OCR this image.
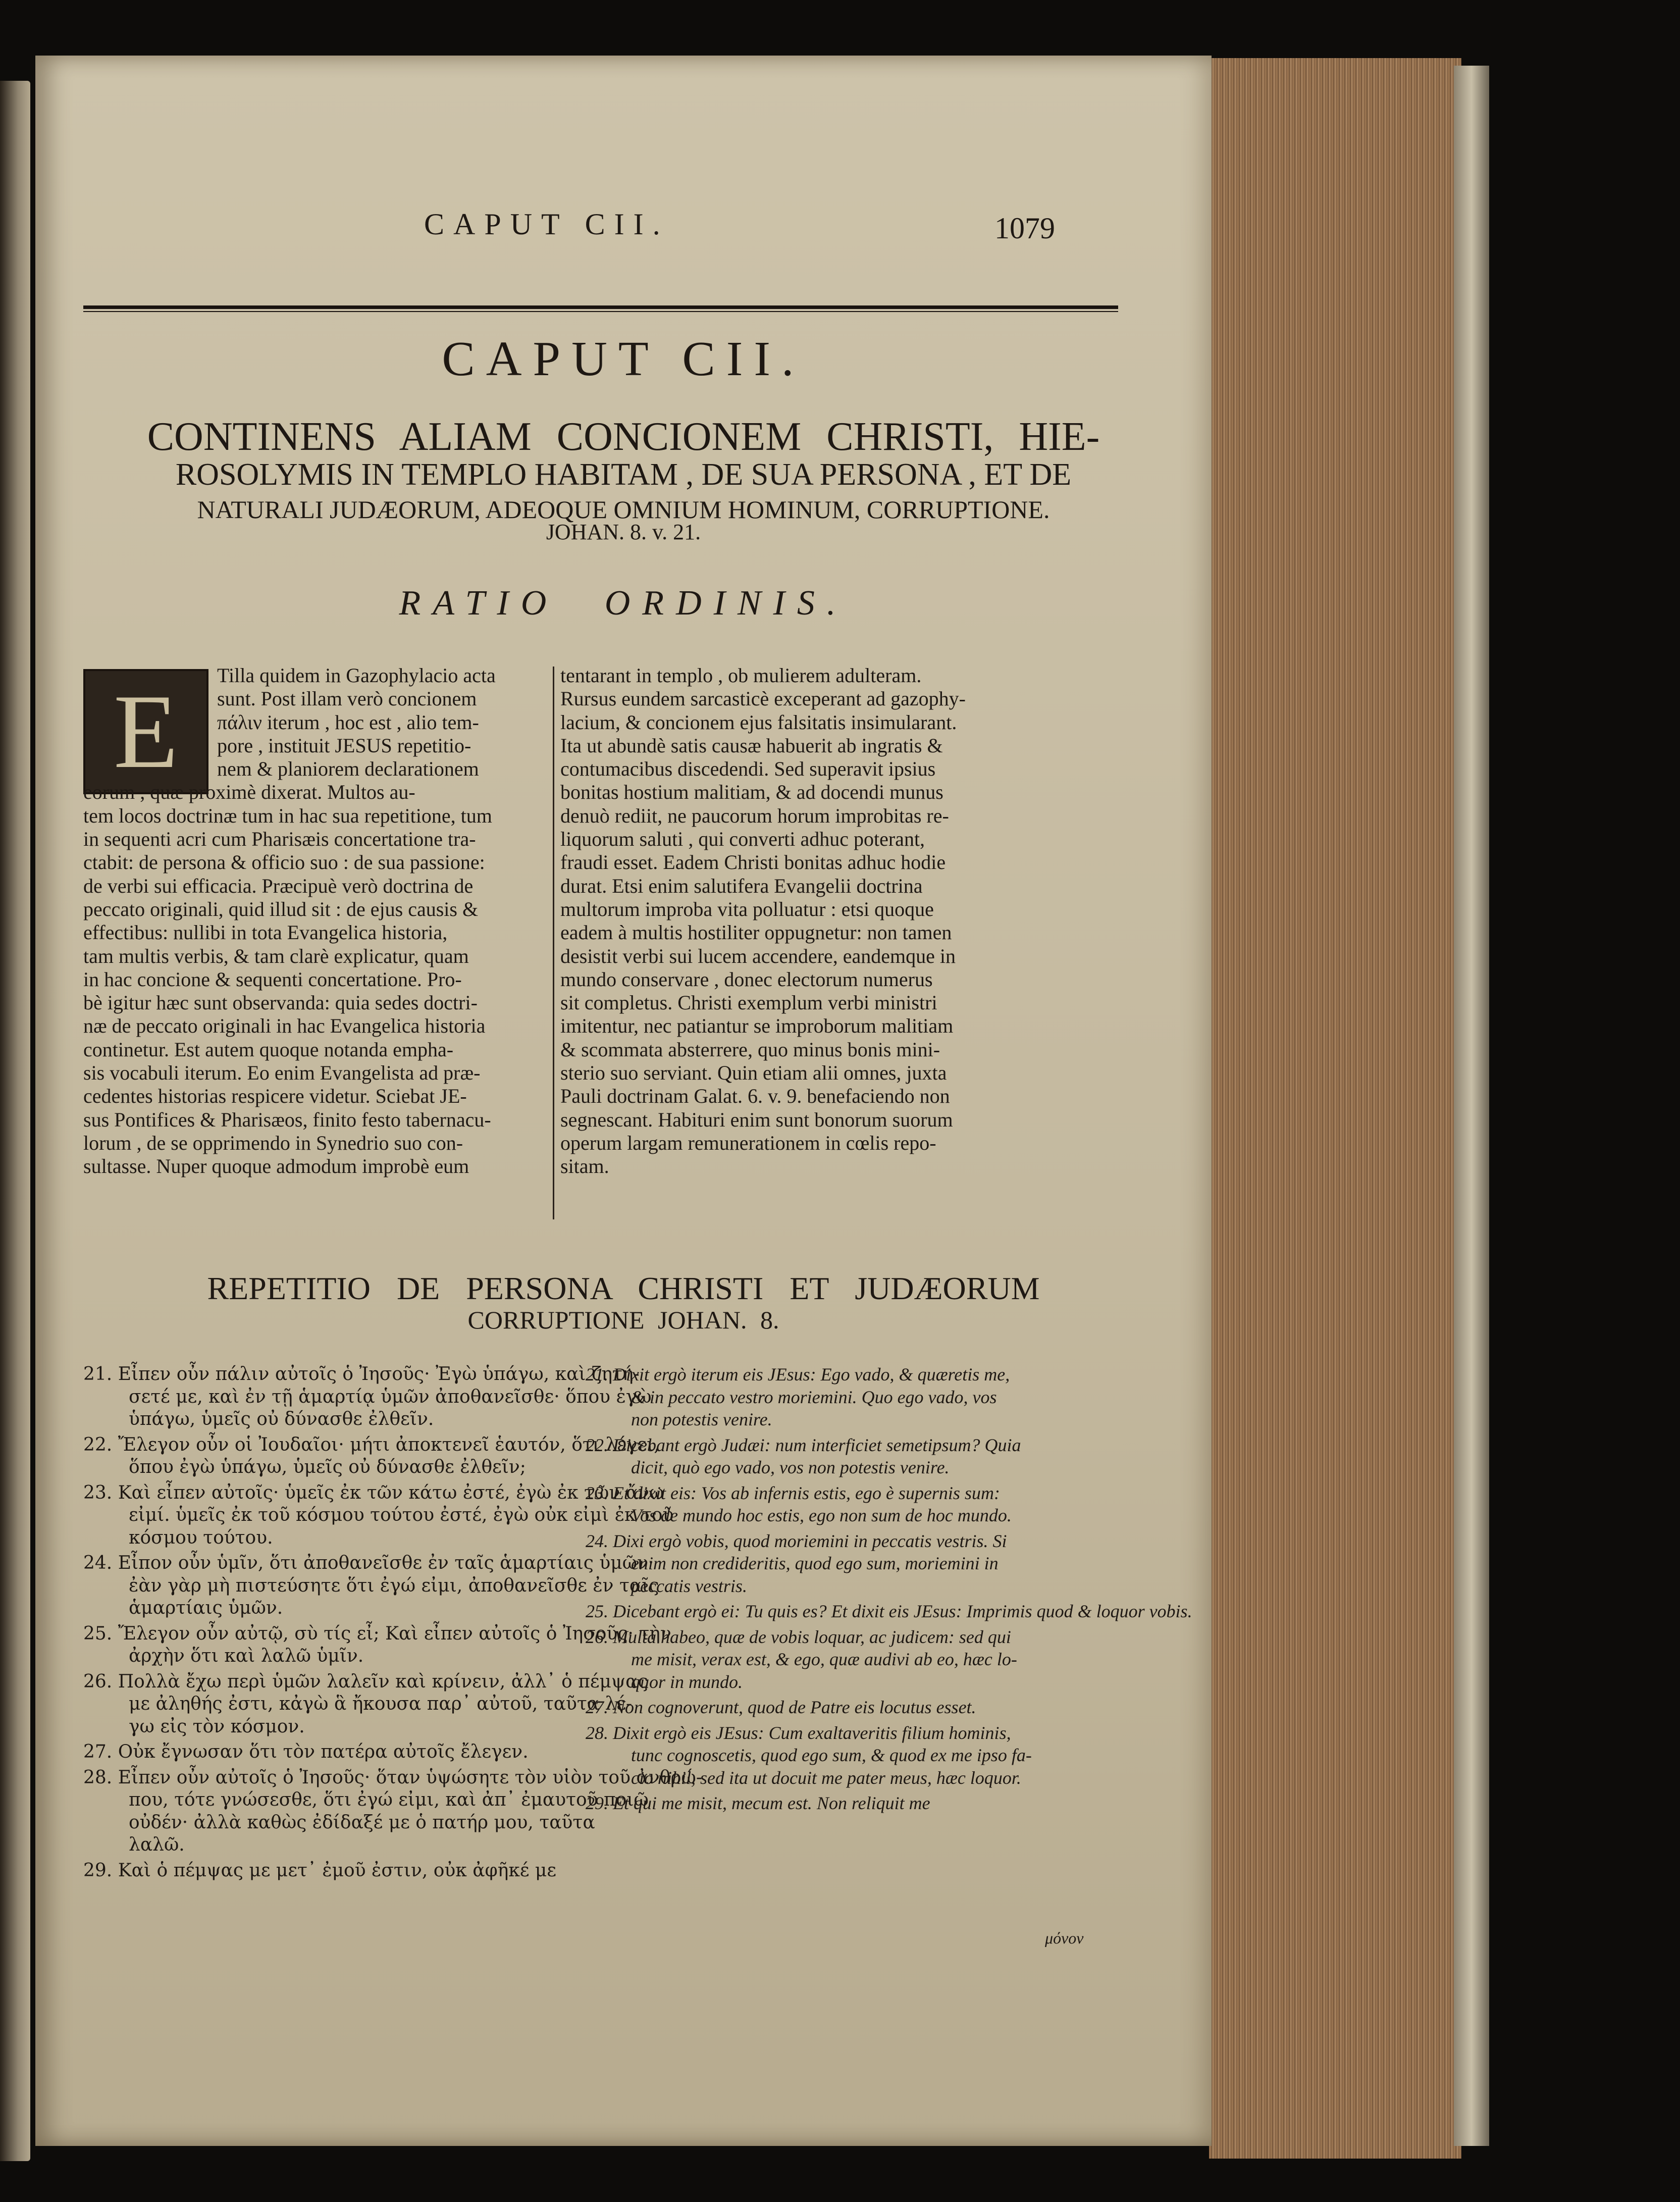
CAPUT CII.	1079
CAPUT CII.
CONTINENS ALIAM CONCIONEM CHRISTI, HIE-
ROSOLYMIS IN TEMPLO HABITAM , DE SUA PERSONA , ET DE
NATURALI JUDÆORUM, ADEOQUE OMNIUM HOMINUM, CORRUPTIONE.
JOHAN. 8. v. 21.
RATIO ORDINIS.
E	Tilla quidem in Gazophylacio acta
sunt. Post illam verò concionem
πάλιν iterum , hoc est , alio tem-
pore , instituit JESUS repetitio-
nem & planiorem declarationem
eorum , quæ proximè dixerat. Multos au-
tem locos doctrinæ tum in hac sua repetitione, tum
in sequenti acri cum Pharisæis concertatione tra-
ctabit: de persona & officio suo : de sua passione:
de verbi sui efficacia. Præcipuè verò doctrina de
peccato originali, quid illud sit : de ejus causis &
effectibus: nullibi in tota Evangelica historia,
tam multis verbis, & tam clarè explicatur, quam
in hac concione & sequenti concertatione. Pro-
bè igitur hæc sunt observanda: quia sedes doctri-
næ de peccato originali in hac Evangelica historia
continetur. Est autem quoque notanda empha-
sis vocabuli iterum. Eo enim Evangelista ad præ-
cedentes historias respicere videtur. Sciebat JE-
sus Pontifices & Pharisæos, finito festo tabernacu-
lorum , de se opprimendo in Synedrio suo con-
sultasse. Nuper quoque admodum improbè eum
tentarant in templo , ob mulierem adulteram.
Rursus eundem sarcasticè exceperant ad gazophy-
lacium, & concionem ejus falsitatis insimularant.
Ita ut abundè satis causæ habuerit ab ingratis &
contumacibus discedendi. Sed superavit ipsius
bonitas hostium malitiam, & ad docendi munus
denuò rediit, ne paucorum horum improbitas re-
liquorum saluti , qui converti adhuc poterant,
fraudi esset. Eadem Christi bonitas adhuc hodie
durat. Etsi enim salutifera Evangelii doctrina
multorum improba vita polluatur : etsi quoque
eadem à multis hostiliter oppugnetur: non tamen
desistit verbi sui lucem accendere, eandemque in
mundo conservare , donec electorum numerus
sit completus. Christi exemplum verbi ministri
imitentur, nec patiantur se improborum malitiam
& scommata absterrere, quo minus bonis mini-
sterio suo serviant. Quin etiam alii omnes, juxta
Pauli doctrinam Galat. 6. v. 9. benefaciendo non
segnescant. Habituri enim sunt bonorum suorum
operum largam remunerationem in cœlis repo-
sitam.
REPETITIO DE PERSONA CHRISTI ET JUDÆORUM
CORRUPTIONE JOHAN. 8.
21. Εἶπεν οὖν πάλιν αὐτοῖς ὁ Ἰησοῦς· Ἐγὼ ὑπάγω, καὶ ζητή-
σετέ με, καὶ ἐν τῇ ἁμαρτίᾳ ὑμῶν ἀποθανεῖσθε· ὅπου ἐγὼ
ὑπάγω, ὑμεῖς οὐ δύνασθε ἐλθεῖν.
22. Ἔλεγον οὖν οἱ Ἰουδαῖοι· μήτι ἀποκτενεῖ ἑαυτόν, ὅτι λέγει,
ὅπου ἐγὼ ὑπάγω, ὑμεῖς οὐ δύνασθε ἐλθεῖν;
23. Καὶ εἶπεν αὐτοῖς· ὑμεῖς ἐκ τῶν κάτω ἐστέ, ἐγὼ ἐκ τῶν ἄνω
εἰμί. ὑμεῖς ἐκ τοῦ κόσμου τούτου ἐστέ, ἐγὼ οὐκ εἰμὶ ἐκ τοῦ
κόσμου τούτου.
24. Εἶπον οὖν ὑμῖν, ὅτι ἀποθανεῖσθε ἐν ταῖς ἁμαρτίαις ὑμῶν·
ἐὰν γὰρ μὴ πιστεύσητε ὅτι ἐγώ εἰμι, ἀποθανεῖσθε ἐν ταῖς
ἁμαρτίαις ὑμῶν.
25. Ἔλεγον οὖν αὐτῷ, σὺ τίς εἶ; Καὶ εἶπεν αὐτοῖς ὁ Ἰησοῦς· τὴν
ἀρχὴν ὅτι καὶ λαλῶ ὑμῖν.
26. Πολλὰ ἔχω περὶ ὑμῶν λαλεῖν καὶ κρίνειν, ἀλλ᾽ ὁ πέμψας
με ἀληθής ἐστι, κἀγὼ ἃ ἤκουσα παρ᾽ αὐτοῦ, ταῦτα λέ-
γω εἰς τὸν κόσμον.
27. Οὐκ ἔγνωσαν ὅτι τὸν πατέρα αὐτοῖς ἔλεγεν.
28. Εἶπεν οὖν αὐτοῖς ὁ Ἰησοῦς· ὅταν ὑψώσητε τὸν υἱὸν τοῦ ἀνθρώ-
που, τότε γνώσεσθε, ὅτι ἐγώ εἰμι, καὶ ἀπ᾽ ἐμαυτοῦ ποιῶ
οὐδέν· ἀλλὰ καθὼς ἐδίδαξέ με ὁ πατήρ μου, ταῦτα
λαλῶ.
29. Καὶ ὁ πέμψας με μετ᾽ ἐμοῦ ἐστιν, οὐκ ἀφῆκέ με
21. Dixit ergò iterum eis JEsus: Ego vado, & quæretis me,
& in peccato vestro moriemini. Quo ego vado, vos
non potestis venire.
22. Dicebant ergò Judæi: num interficiet semetipsum? Quia
dicit, quò ego vado, vos non potestis venire.
23. Et dixit eis: Vos ab infernis estis, ego è supernis sum:
Vos de mundo hoc estis, ego non sum de hoc mundo.
24. Dixi ergò vobis, quod moriemini in peccatis vestris. Si
enim non credideritis, quod ego sum, moriemini in
peccatis vestris.
25. Dicebant ergò ei: Tu quis es? Et dixit eis JEsus: Imprimis quod & loquor vobis.
26. Multa habeo, quæ de vobis loquar, ac judicem: sed qui
me misit, verax est, & ego, quæ audivi ab eo, hæc lo-
quor in mundo.
27. Non cognoverunt, quod de Patre eis locutus esset.
28. Dixit ergò eis JEsus: Cum exaltaveritis filium hominis,
tunc cognoscetis, quod ego sum, & quod ex me ipso fa-
cio nihil, sed ita ut docuit me pater meus, hæc loquor.
29. Et qui me misit, mecum est. Non reliquit me
μόνον
